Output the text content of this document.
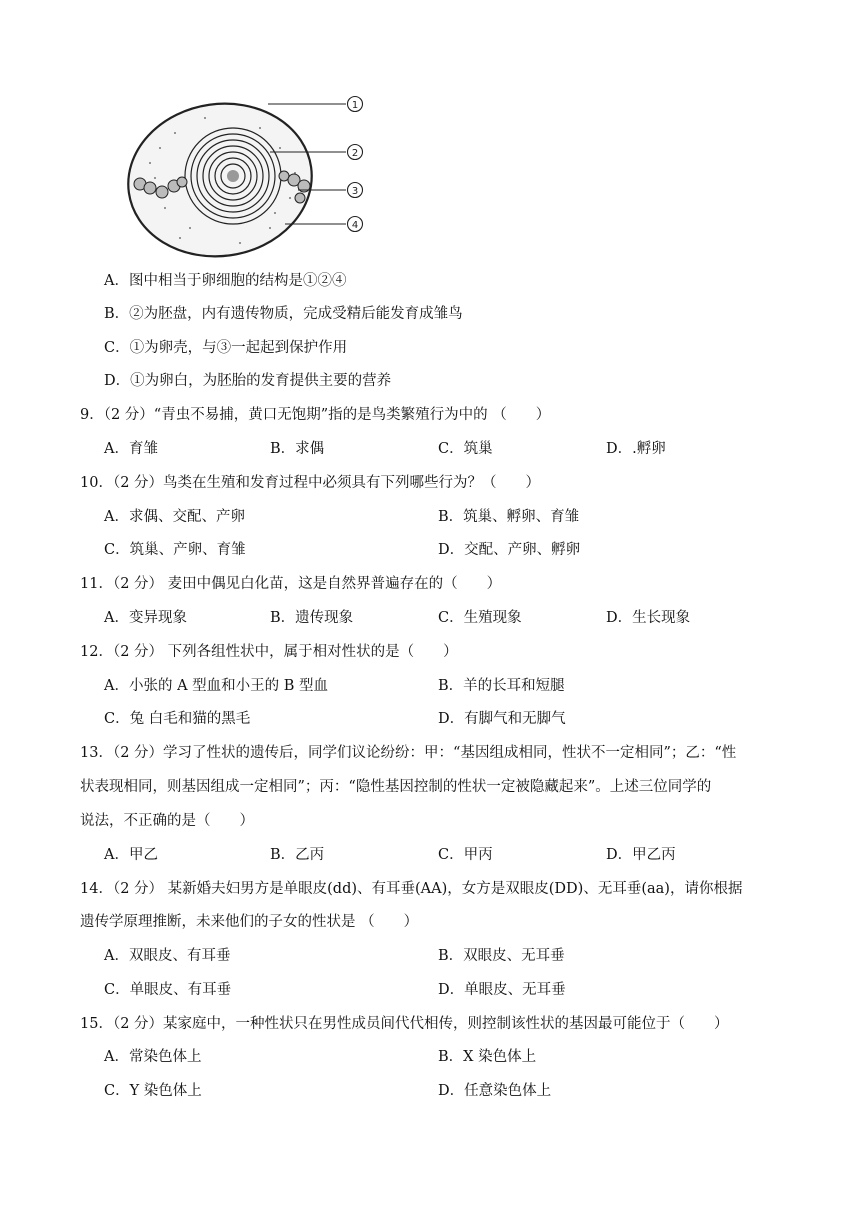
1
2
3
4
A．图中相当于卵细胞的结构是①②④
B．②为胚盘，内有遗传物质，完成受精后能发育成雏鸟
C．①为卵壳，与③一起起到保护作用
D．①为卵白，为胚胎的发育提供主要的营养
9．（2 分）“青虫不易捕，黄口无饱期”指的是鸟类繁殖行为中的 （　　）
A．育雏	B．求偶	C．筑巢	D．.孵卵
10．（2 分）鸟类在生殖和发育过程中必须具有下列哪些行为？（　　）
A．求偶、交配、产卵	B．筑巢、孵卵、育雏
C．筑巢、产卵、育雏	D．交配、产卵、孵卵
11．（2 分） 麦田中偶见白化苗，这是自然界普遍存在的（　　）
A．变异现象	B．遗传现象	C．生殖现象	D．生长现象
12．（2 分） 下列各组性状中，属于相对性状的是（　　）
A．小张的 A 型血和小王的 B 型血	B．羊的长耳和短腿
C．兔 白毛和猫的黑毛	D．有脚气和无脚气
13．（2 分）学习了性状的遗传后，同学们议论纷纷：甲：“基因组成相同，性状不一定相同”；乙：“性
状表现相同，则基因组成一定相同”；丙：“隐性基因控制的性状一定被隐藏起来”。上述三位同学的
说法，不正确的是（　　）
A．甲乙	B．乙丙	C．甲丙	D．甲乙丙
14．（2 分） 某新婚夫妇男方是单眼皮(dd)、有耳垂(AA)，女方是双眼皮(DD)、无耳垂(aa)，请你根据
遗传学原理推断，未来他们的子女的性状是 （　　）
A．双眼皮、有耳垂	B．双眼皮、无耳垂
C．单眼皮、有耳垂	D．单眼皮、无耳垂
15．（2 分）某家庭中，一种性状只在男性成员间代代相传，则控制该性状的基因最可能位于（　　）
A．常染色体上	B．X 染色体上
C．Y 染色体上	D．任意染色体上
